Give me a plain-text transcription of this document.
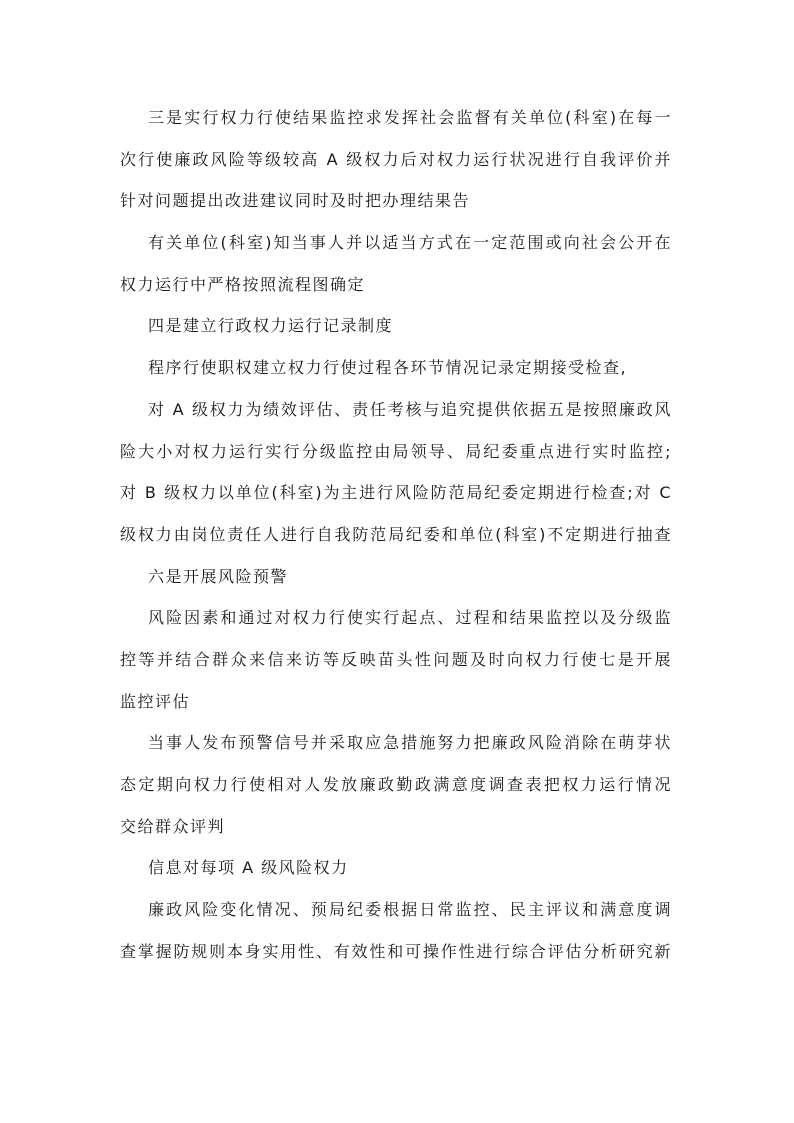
三是实行权力行使结果监控求发挥社会监督有关单位(科室)在每一
次行使廉政风险等级较高 A 级权力后对权力运行状况进行自我评价并
针对问题提出改进建议同时及时把办理结果告
有关单位(科室)知当事人并以适当方式在一定范围或向社会公开在
权力运行中严格按照流程图确定
四是建立行政权力运行记录制度
程序行使职权建立权力行使过程各环节情况记录定期接受检查,
对 A 级权力为绩效评估、责任考核与追究提供依据五是按照廉政风
险大小对权力运行实行分级监控由局领导、局纪委重点进行实时监控;
对 B 级权力以单位(科室)为主进行风险防范局纪委定期进行检查;对 C
级权力由岗位责任人进行自我防范局纪委和单位(科室)不定期进行抽查
六是开展风险预警
风险因素和通过对权力行使实行起点、过程和结果监控以及分级监
控等并结合群众来信来访等反映苗头性问题及时向权力行使七是开展
监控评估
当事人发布预警信号并采取应急措施努力把廉政风险消除在萌芽状
态定期向权力行使相对人发放廉政勤政满意度调查表把权力运行情况
交给群众评判
信息对每项 A 级风险权力
廉政风险变化情况、预局纪委根据日常监控、民主评议和满意度调
查掌握防规则本身实用性、有效性和可操作性进行综合评估分析研究新
